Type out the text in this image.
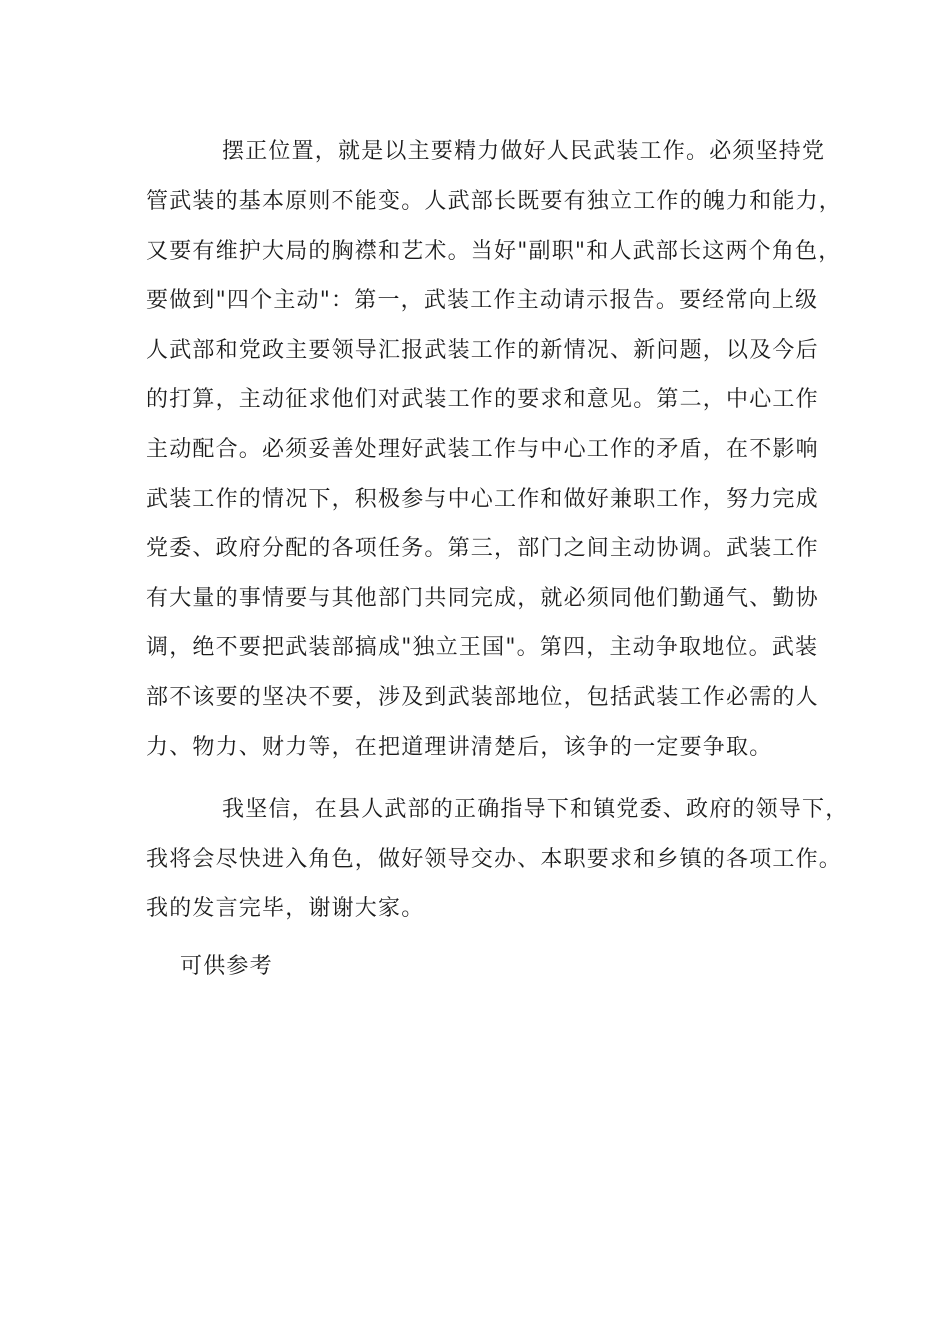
摆正位置，就是以主要精力做好人民武装工作。必须坚持党
管武装的基本原则不能变。人武部长既要有独立工作的魄力和能力，
又要有维护大局的胸襟和艺术。当好"副职"和人武部长这两个角色，
要做到"四个主动"：第一，武装工作主动请示报告。要经常向上级
人武部和党政主要领导汇报武装工作的新情况、新问题，以及今后
的打算，主动征求他们对武装工作的要求和意见。第二，中心工作
主动配合。必须妥善处理好武装工作与中心工作的矛盾，在不影响
武装工作的情况下，积极参与中心工作和做好兼职工作，努力完成
党委、政府分配的各项任务。第三，部门之间主动协调。武装工作
有大量的事情要与其他部门共同完成，就必须同他们勤通气、勤协
调，绝不要把武装部搞成"独立王国"。第四，主动争取地位。武装
部不该要的坚决不要，涉及到武装部地位，包括武装工作必需的人
力、物力、财力等，在把道理讲清楚后，该争的一定要争取。
我坚信，在县人武部的正确指导下和镇党委、政府的领导下，
我将会尽快进入角色，做好领导交办、本职要求和乡镇的各项工作。
我的发言完毕，谢谢大家。
可供参考
